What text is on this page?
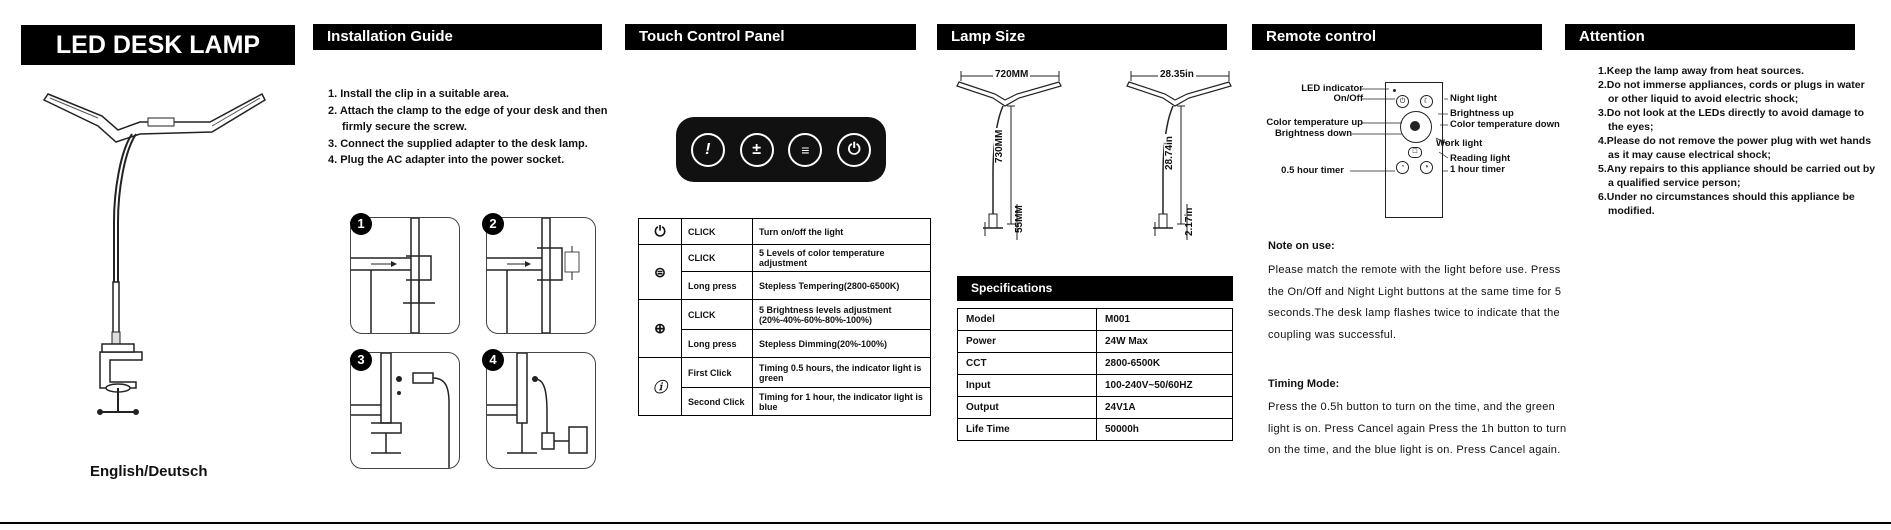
LED DESK LAMP
English/Deutsch
Installation Guide
1. Install the clip in a suitable area.
2. Attach the clamp to the edge of your desk and then firmly secure the screw.
3. Connect the supplied adapter to the desk lamp.
4. Plug the AC adapter into the power socket.
1	2
3	4
Touch Control Panel
!	±	≡	⏻
⏻	CLICK	Turn on/off the light
⊜	CLICK	5 Levels of color temperature adjustment
	Long press	Stepless Tempering(2800-6500K)
⊕	CLICK	5 Brightness levels adjustment (20%-40%-60%-80%-100%)
	Long press	Stepless Dimming(20%-100%)
ⓘ	First Click	Timing 0.5 hours, the indicator light is green
	Second Click	Timing for 1 hour, the indicator light is blue
Lamp Size
720MM
730MM
55MM
28.35in
28.74in
2.17in
Specifications
Model	M001
Power	24W Max
CCT	2800-6500K
Input	100-240V~50/60HZ
Output	24V1A
Life Time	50000h
Remote control
⏻	☾
☐
◔	◑
LED indicator
On/Off
Color temperature up
Brightness down
0.5 hour timer
Night light
Brightness up
Color temperature down
Work light
Reading light
1 hour timer
Note on use:
Please match the remote with the light before use. Press the On/Off and Night Light buttons at the same time for 5 seconds.The desk lamp flashes twice to indicate that the coupling was successful.
Timing Mode:
Press the 0.5h button to turn on the time, and the green light is on. Press Cancel again Press the 1h button to turn on the time, and the blue light is on. Press Cancel again.
Attention
1.Keep the lamp away from heat sources.
2.Do not immerse appliances, cords or plugs in water or other liquid to avoid electric shock;
3.Do not look at the LEDs directly to avoid damage to the eyes;
4.Please do not remove the power plug with wet hands as it may cause electrical shock;
5.Any repairs to this appliance should be carried out by a qualified service person;
6.Under no circumstances should this appliance be modified.
